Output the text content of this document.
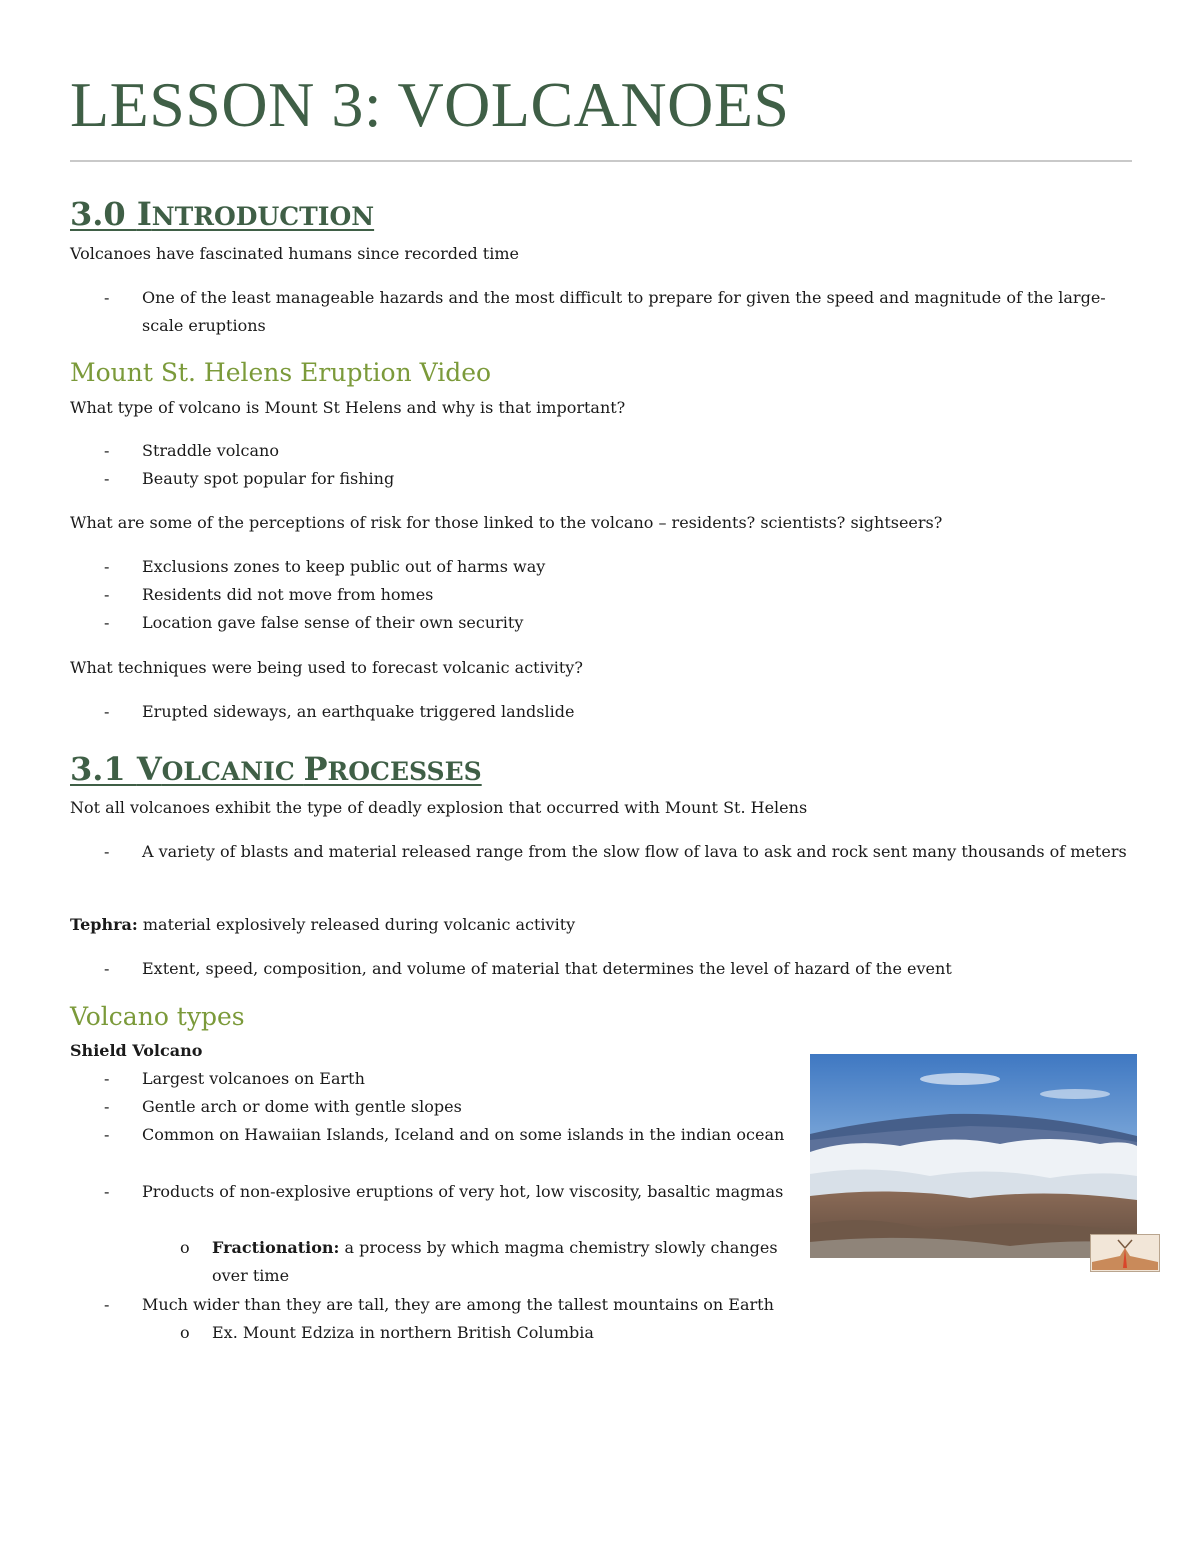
LESSON 3: VOLCANOES
3.0 INTRODUCTION

Volcanoes have fascinated humans since recorded time

- One of the least manageable hazards and the most difficult to prepare for given the speed and magnitude of the large-scale eruptions
Mount St. Helens Eruption Video

What type of volcano is Mount St Helens and why is that important?

- Straddle volcano
- Beauty spot popular for fishing

What are some of the perceptions of risk for those linked to the volcano – residents? scientists? sightseers?

- Exclusions zones to keep public out of harms way
- Residents did not move from homes
- Location gave false sense of their own security

What techniques were being used to forecast volcanic activity?

- Erupted sideways, an earthquake triggered landslide
3.1 VOLCANIC PROCESSES

Not all volcanoes exhibit the type of deadly explosion that occurred with Mount St. Helens

- A variety of blasts and material released range from the slow flow of lava to ask and rock sent many thousands of meters

Tephra: material explosively released during volcanic activity

- Extent, speed, composition, and volume of material that determines the level of hazard of the event
Volcano types

Shield Volcano

- Largest volcanoes on Earth
- Gentle arch or dome with gentle slopes
- Common on Hawaiian Islands, Iceland and on some islands in the indian ocean
- Products of non-explosive eruptions of very hot, low viscosity, basaltic magmas
o Fractionation: a process by which magma chemistry slowly changes over time
- Much wider than they are tall, they are among the tallest mountains on Earth
o Ex. Mount Edziza in northern British Columbia
